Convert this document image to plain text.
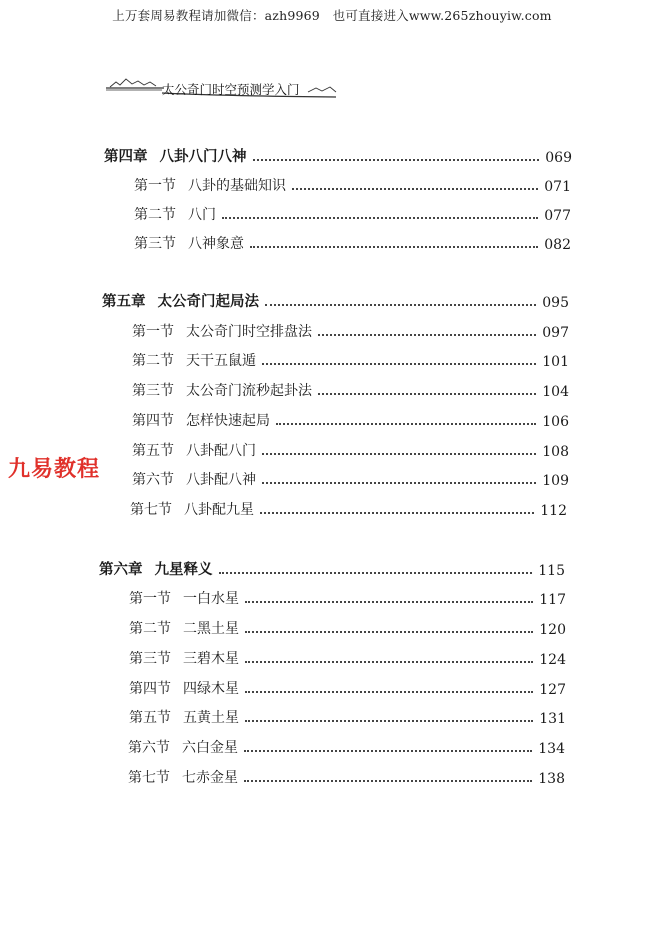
上万套周易教程请加微信：azh9969　也可直接进入www.265zhouyiw.com
太公奇门时空预测学入门
第四章 八卦八门八神	069
第一节 八卦的基础知识	071
第二节 八门	077
第三节 八神象意	082
第五章 太公奇门起局法	095
第一节 太公奇门时空排盘法	097
第二节 天干五鼠遁	101
第三节 太公奇门流秒起卦法	104
第四节 怎样快速起局	106
第五节 八卦配八门	108
第六节 八卦配八神	109
第七节 八卦配九星	112
第六章 九星释义	115
第一节 一白水星	117
第二节 二黑土星	120
第三节 三碧木星	124
第四节 四绿木星	127
第五节 五黄土星	131
第六节 六白金星	134
第七节 七赤金星	138
九易教程
